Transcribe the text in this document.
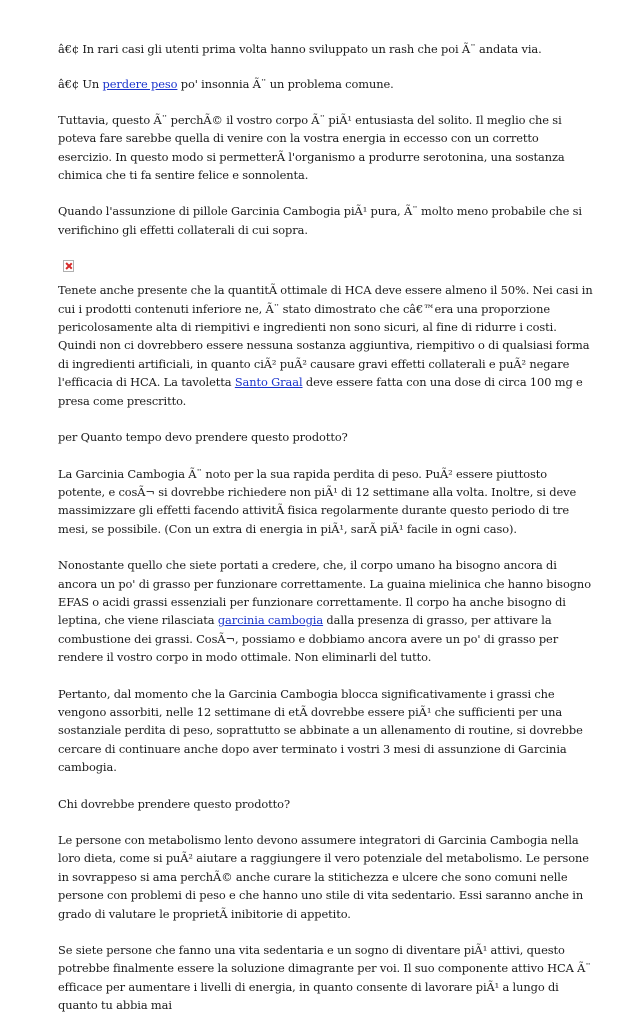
â€¢ In rari casi gli utenti prima volta hanno sviluppato un rash che poi Ã¨ andata via.

â€¢ Un perdere peso po' insonnia Ã¨ un problema comune.

Tuttavia, questo Ã¨ perchÃ© il vostro corpo Ã¨ piÃ¹ entusiasta del solito. Il meglio che si poteva fare sarebbe quella di venire con la vostra energia in eccesso con un corretto esercizio. In questo modo si permetterÃ l'organismo a produrre serotonina, una sostanza chimica che ti fa sentire felice e sonnolenta.

Quando l'assunzione di pillole Garcinia Cambogia piÃ¹ pura, Ã¨ molto meno probabile che si verifichino gli effetti collaterali di cui sopra.

Tenete anche presente che la quantitÃ ottimale di HCA deve essere almeno il 50%. Nei casi in cui i prodotti contenuti inferiore ne, Ã¨ stato dimostrato che câ€™era una proporzione pericolosamente alta di riempitivi e ingredienti non sono sicuri, al fine di ridurre i costi. Quindi non ci dovrebbero essere nessuna sostanza aggiuntiva, riempitivo o di qualsiasi forma di ingredienti artificiali, in quanto ciÃ² puÃ² causare gravi effetti collaterali e puÃ² negare l'efficacia di HCA. La tavoletta Santo Graal deve essere fatta con una dose di circa 100 mg e presa come prescritto.

per Quanto tempo devo prendere questo prodotto?

La Garcinia Cambogia Ã¨ noto per la sua rapida perdita di peso. PuÃ² essere piuttosto potente, e cosÃ¬ si dovrebbe richiedere non piÃ¹ di 12 settimane alla volta. Inoltre, si deve massimizzare gli effetti facendo attivitÃ fisica regolarmente durante questo periodo di tre mesi, se possibile. (Con un extra di energia in piÃ¹, sarÃ piÃ¹ facile in ogni caso).

Nonostante quello che siete portati a credere, che, il corpo umano ha bisogno ancora di ancora un po' di grasso per funzionare correttamente. La guaina mielinica che hanno bisogno EFAS o acidi grassi essenziali per funzionare correttamente. Il corpo ha anche bisogno di leptina, che viene rilasciata garcinia cambogia dalla presenza di grasso, per attivare la combustione dei grassi. CosÃ¬, possiamo e dobbiamo ancora avere un po' di grasso per rendere il vostro corpo in modo ottimale. Non eliminarli del tutto.

Pertanto, dal momento che la Garcinia Cambogia blocca significativamente i grassi che vengono assorbiti, nelle 12 settimane di etÃ dovrebbe essere piÃ¹ che sufficienti per una sostanziale perdita di peso, soprattutto se abbinate a un allenamento di routine, si dovrebbe cercare di continuare anche dopo aver terminato i vostri 3 mesi di assunzione di Garcinia cambogia.

Chi dovrebbe prendere questo prodotto?

Le persone con metabolismo lento devono assumere integratori di Garcinia Cambogia nella loro dieta, come si puÃ² aiutare a raggiungere il vero potenziale del metabolismo. Le persone in sovrappeso si ama perchÃ© anche curare la stitichezza e ulcere che sono comuni nelle persone con problemi di peso e che hanno uno stile di vita sedentario. Essi saranno anche in grado di valutare le proprietÃ inibitorie di appetito.

Se siete persone che fanno una vita sedentaria e un sogno di diventare piÃ¹ attivi, questo potrebbe finalmente essere la soluzione dimagrante per voi. Il suo componente attivo HCA Ã¨ efficace per aumentare i livelli di energia, in quanto consente di lavorare piÃ¹ a lungo di quanto tu abbia mai
